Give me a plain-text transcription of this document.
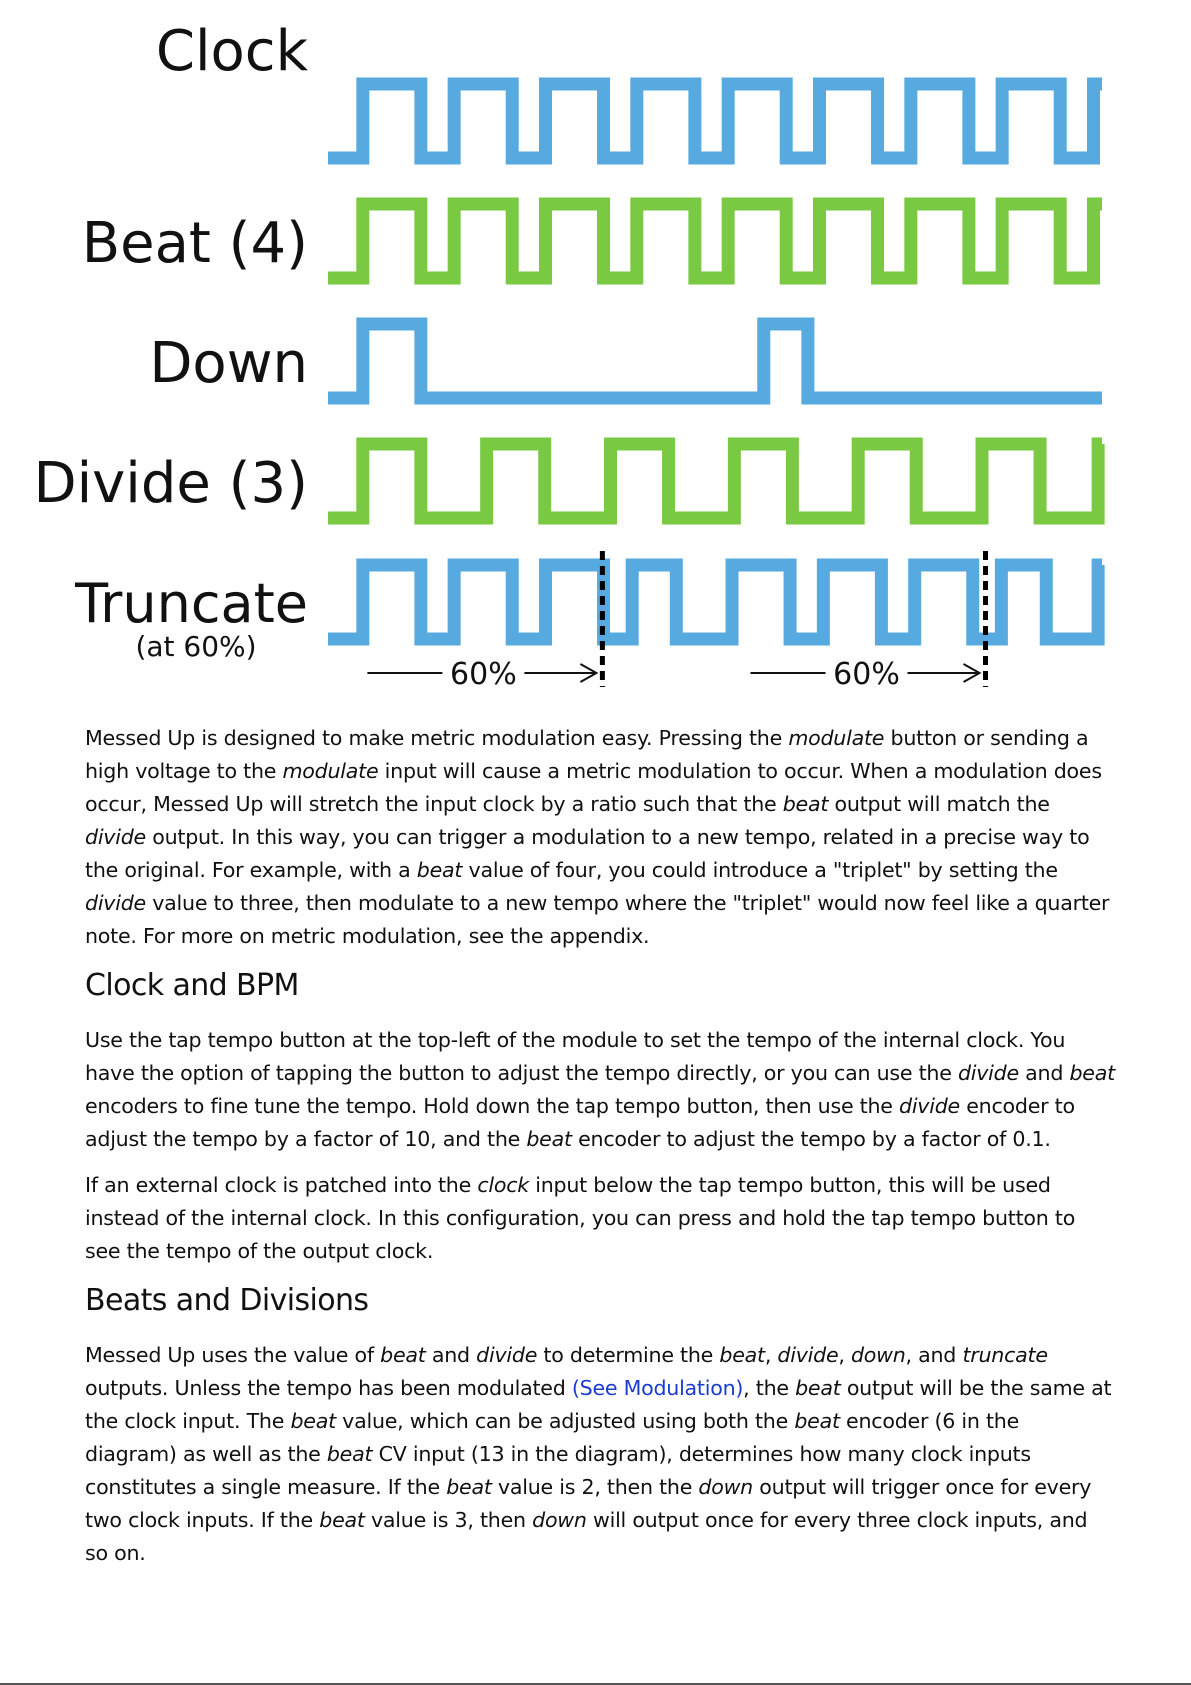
Clock
Beat (4)
Down
Divide (3)
Truncate
(at 60%)
60%	60%

Messed Up is designed to make metric modulation easy. Pressing the modulate button or sending a high voltage to the modulate input will cause a metric modulation to occur. When a modulation does occur, Messed Up will stretch the input clock by a ratio such that the beat output will match the divide output. In this way, you can trigger a modulation to a new tempo, related in a precise way to the original. For example, with a beat value of four, you could introduce a "triplet" by setting the divide value to three, then modulate to a new tempo where the "triplet" would now feel like a quarter note. For more on metric modulation, see the appendix.

Clock and BPM

Use the tap tempo button at the top-left of the module to set the tempo of the internal clock. You have the option of tapping the button to adjust the tempo directly, or you can use the divide and beat encoders to fine tune the tempo. Hold down the tap tempo button, then use the divide encoder to adjust the tempo by a factor of 10, and the beat encoder to adjust the tempo by a factor of 0.1.

If an external clock is patched into the clock input below the tap tempo button, this will be used instead of the internal clock. In this configuration, you can press and hold the tap tempo button to see the tempo of the output clock.

Beats and Divisions

Messed Up uses the value of beat and divide to determine the beat, divide, down, and truncate outputs. Unless the tempo has been modulated (See Modulation), the beat output will be the same at the clock input. The beat value, which can be adjusted using both the beat encoder (6 in the diagram) as well as the beat CV input (13 in the diagram), determines how many clock inputs constitutes a single measure. If the beat value is 2, then the down output will trigger once for every two clock inputs. If the beat value is 3, then down will output once for every three clock inputs, and so on.
